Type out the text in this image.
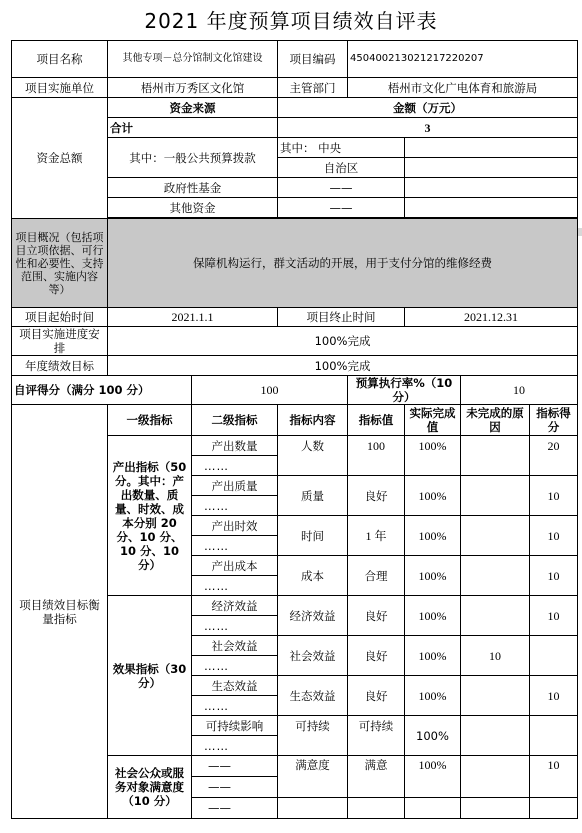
2021 年度预算项目绩效自评表
项目名称	其他专项－总分馆制文化馆建设		项目编码	450400213021217220207			
项目实施单位	梧州市万秀区文化馆		主管部门	梧州市文化广电体育和旅游局			
资金总额	资金来源		金额（万元）				
	合计		3				
	其中：一般公共预算拨款		其中： 中央				
			自治区				
	政府性基金		——				
	其他资金		——				

项目概况（包括项目立项依据、可行性和必要性、支持范围、实施内容等）	保障机构运行，群文活动的开展，用于支付分馆的维修经费						
项目起始时间	2021.1.1		项目终止时间		2021.12.31		
项目实施进度安排	100%完成						
年度绩效目标	100%完成						
自评得分（满分 100 分）		100		预算执行率%（10 分）		10	
项目绩效目标衡量指标	一级指标	二级指标	指标内容	指标值	实际完成值	未完成的原因	指标得分
	产出指标（50 分。其中：产出数量、质量、时效、成本分别 20 分、10 分、10 分、10 分）	产出数量	人数	100	100%		20
		……					
		产出质量	质量	良好	100%		10
		……					
		产出时效	时间	1 年	100%		10
		……					
		产出成本	成本	合理	100%		10
		……					
	效果指标（30 分）	经济效益	经济效益	良好	100%		10
		……					
		社会效益	社会效益	良好	100%	10	
		……					
		生态效益	生态效益	良好	100%		10
		……					
		可持续影响	可持续	可持续	100%		
		……					
	社会公众或服务对象满意度（10 分）	——	满意度	满意	100%		10
		——					
		——					
